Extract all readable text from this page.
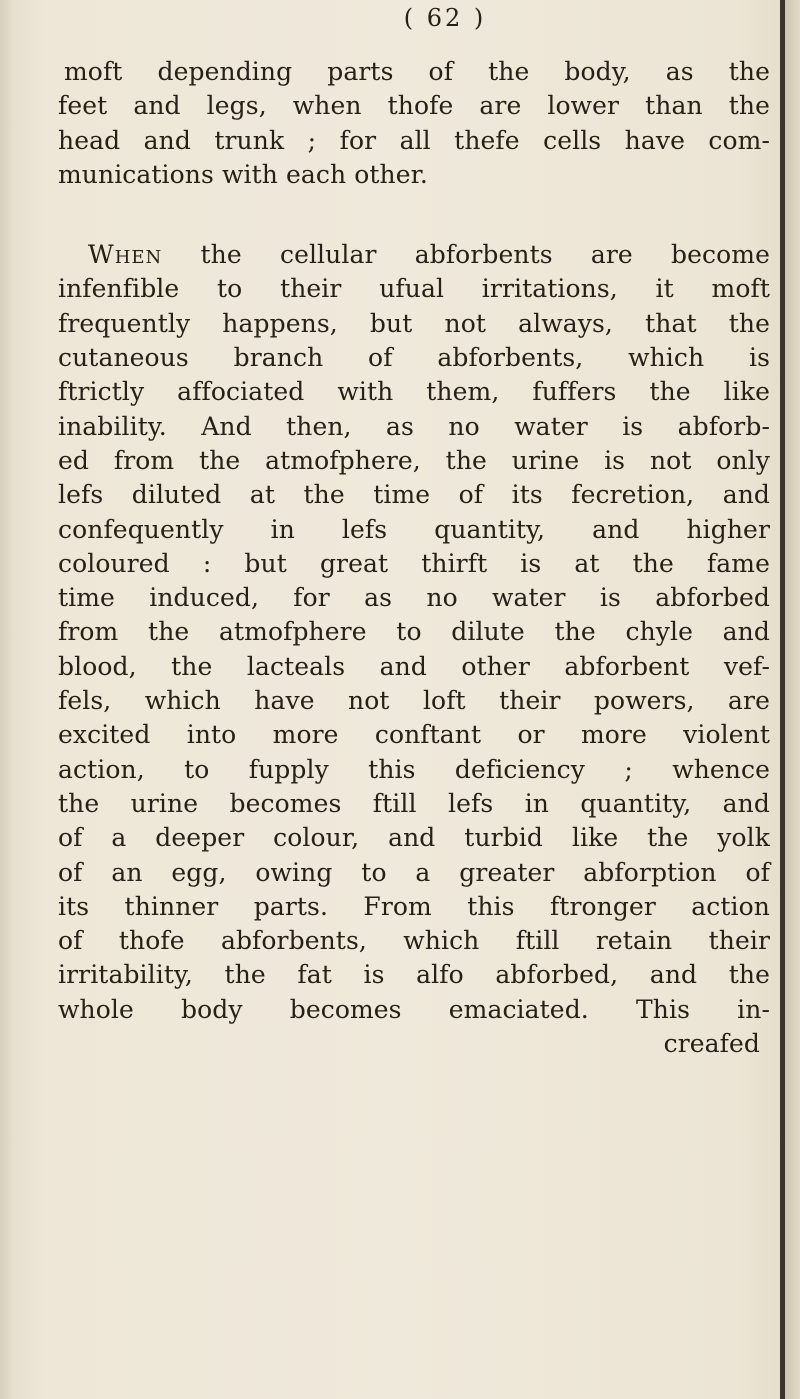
( 62 )
moft depending parts of the body, as the
feet and legs, when thofe are lower than the
head and trunk ; for all thefe cells have com-
munications with each other.
When the cellular abforbents are become
infenfible to their ufual irritations, it moft
frequently happens, but not always, that the
cutaneous branch of abforbents, which is
ftrictly affociated with them, fuffers the like
inability. And then, as no water is abforb-
ed from the atmofphere, the urine is not only
lefs diluted at the time of its fecretion, and
confequently in lefs quantity, and higher
coloured : but great thirft is at the fame
time induced, for as no water is abforbed
from the atmofphere to dilute the chyle and
blood, the lacteals and other abforbent vef-
fels, which have not loft their powers, are
excited into more conftant or more violent
action, to fupply this deficiency ; whence
the urine becomes ftill lefs in quantity, and
of a deeper colour, and turbid like the yolk
of an egg, owing to a greater abforption of
its thinner parts. From this ftronger action
of thofe abforbents, which ftill retain their
irritability, the fat is alfo abforbed, and the
whole body becomes emaciated. This in-
creafed
